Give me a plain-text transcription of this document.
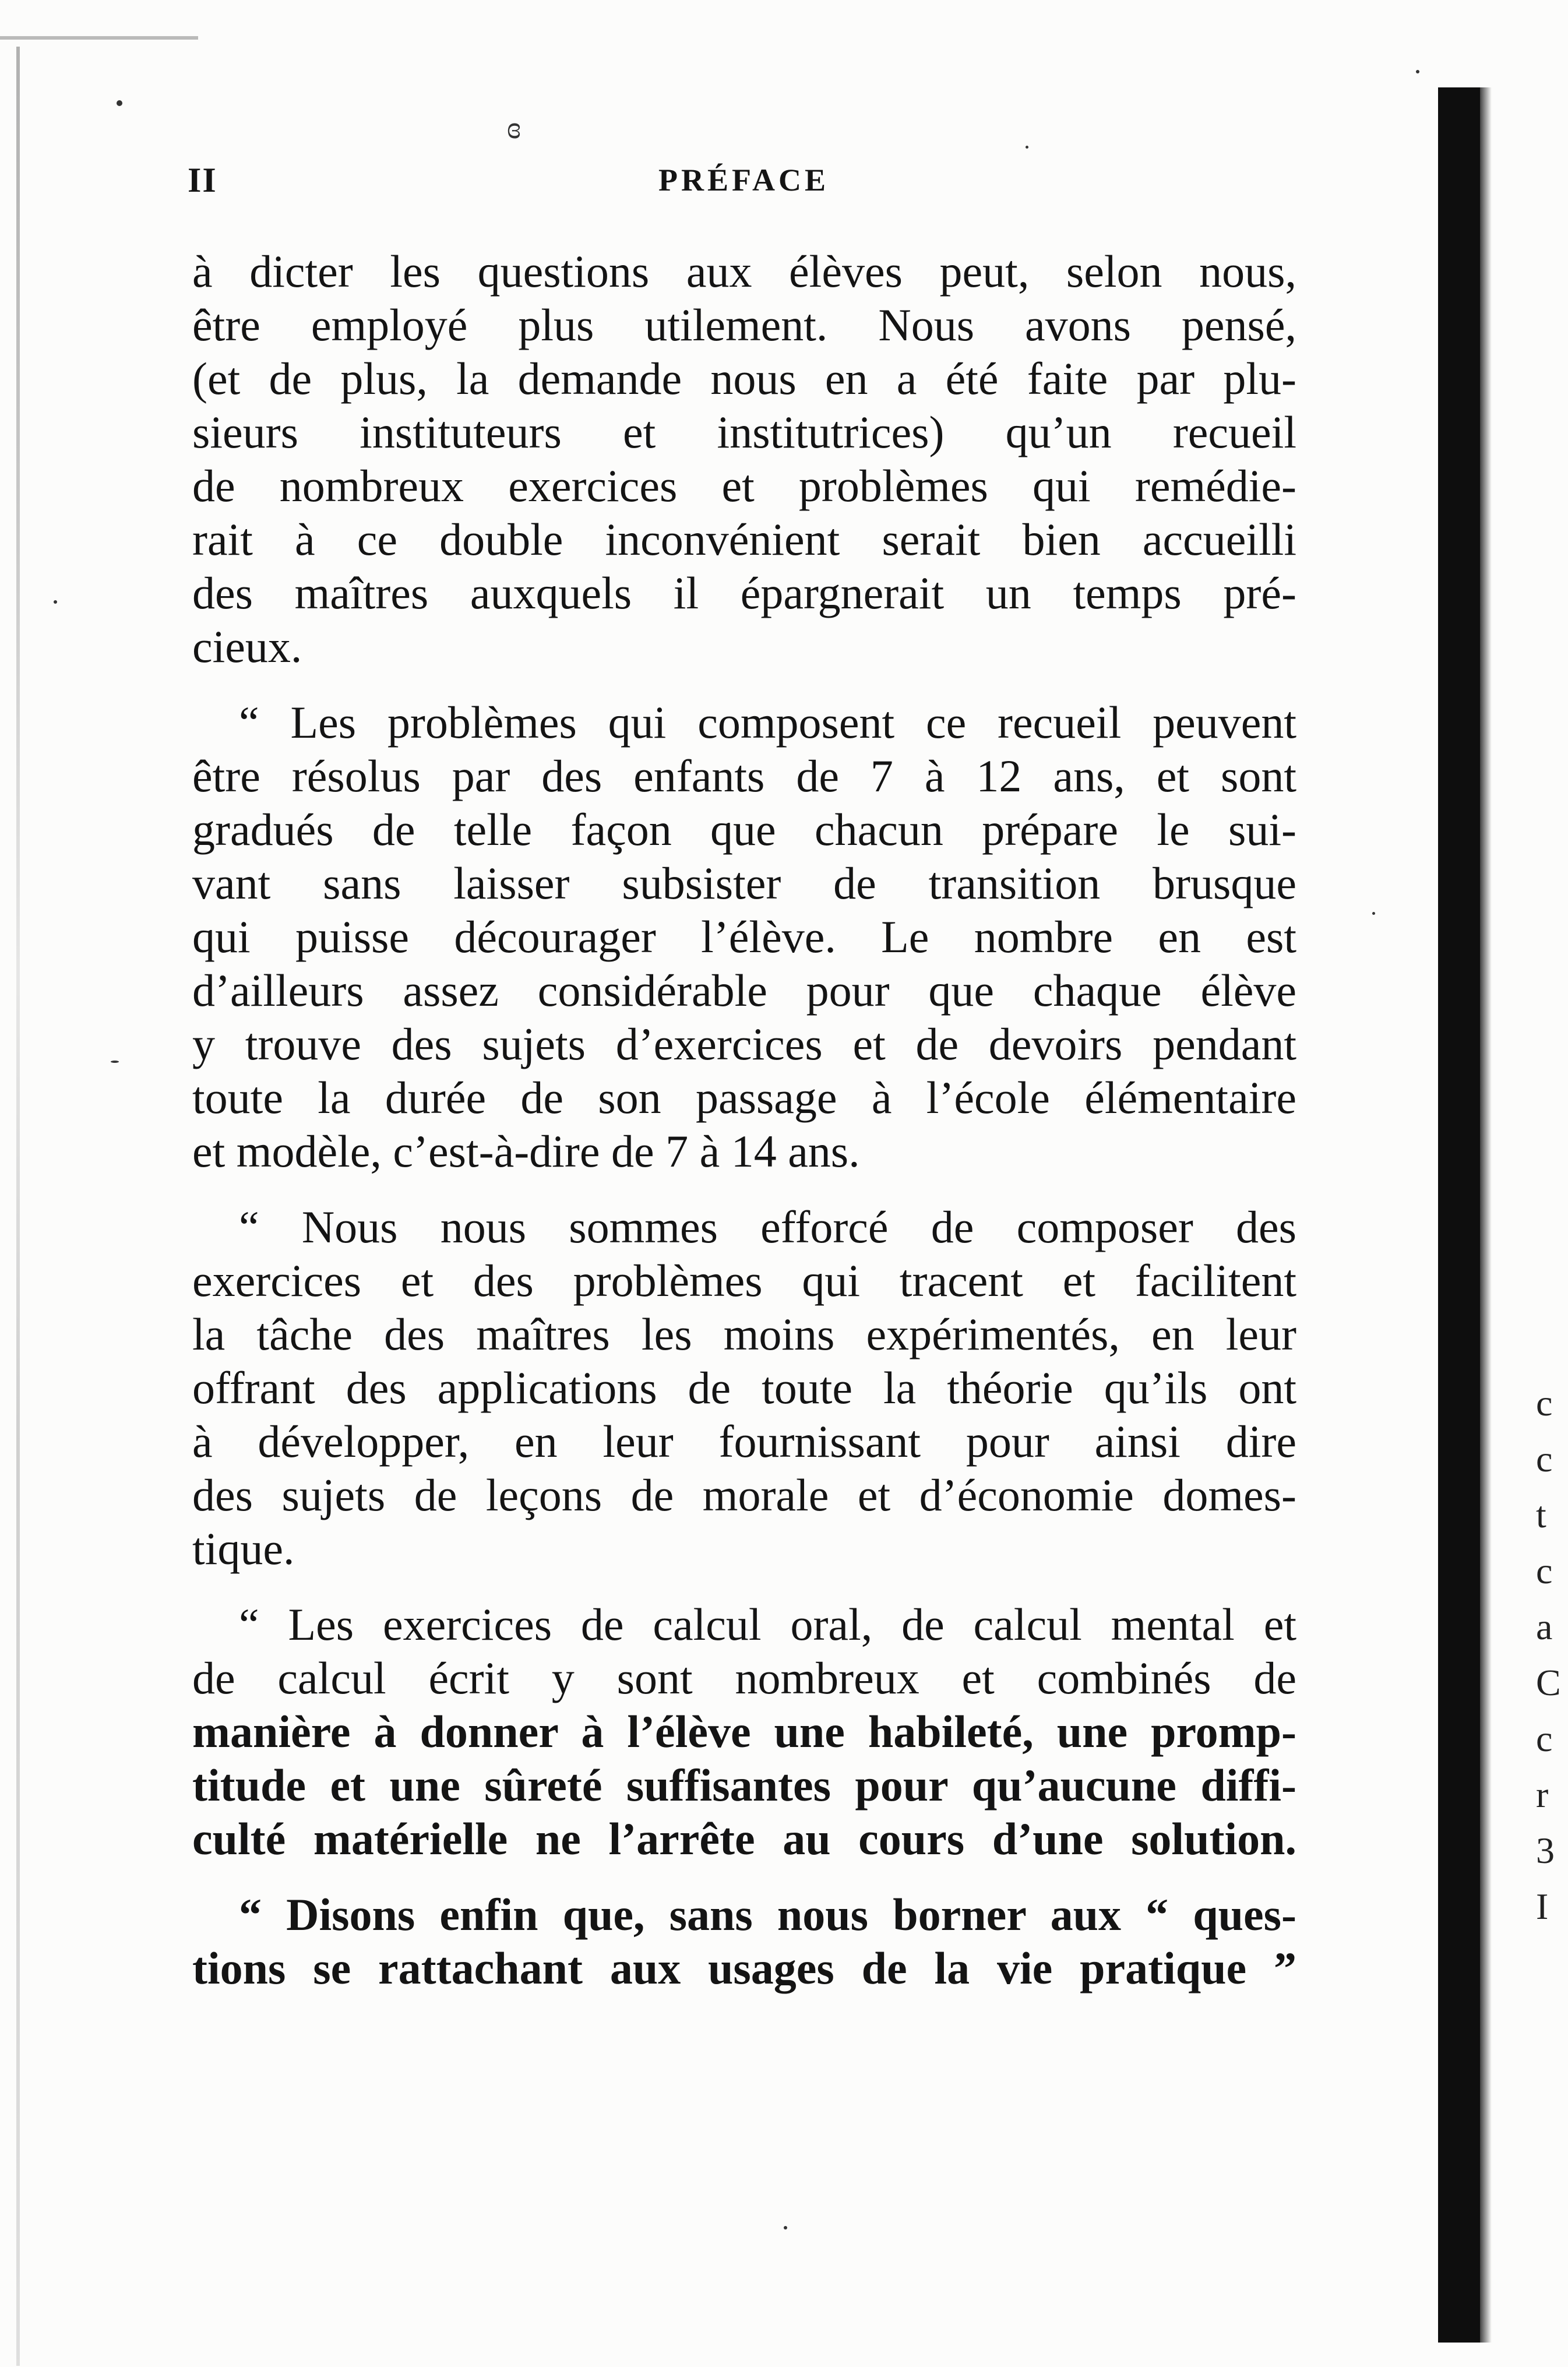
ɞ
II	PRÉFACE
à dicter les questions aux élèves peut, selon nous,
être employé plus utilement. Nous avons pensé,
(et de plus, la demande nous en a été faite par plu-
sieurs instituteurs et institutrices) qu’un recueil
de nombreux exercices et problèmes qui remédie-
rait à ce double inconvénient serait bien accueilli
des maîtres auxquels il épargnerait un temps pré-
cieux.
“ Les problèmes qui composent ce recueil peuvent
être résolus par des enfants de 7 à 12 ans, et sont
gradués de telle façon que chacun prépare le sui-
vant sans laisser subsister de transition brusque
qui puisse décourager l’élève. Le nombre en est
d’ailleurs assez considérable pour que chaque élève
y trouve des sujets d’exercices et de devoirs pendant
toute la durée de son passage à l’école élémentaire
et modèle, c’est-à-dire de 7 à 14 ans.
“ Nous nous sommes efforcé de composer des
exercices et des problèmes qui tracent et facilitent
la tâche des maîtres les moins expérimentés, en leur
offrant des applications de toute la théorie qu’ils ont
à développer, en leur fournissant pour ainsi dire
des sujets de leçons de morale et d’économie domes-
tique.
“ Les exercices de calcul oral, de calcul mental et
de calcul écrit y sont nombreux et combinés de
manière à donner à l’élève une habileté, une promp-
titude et une sûreté suffisantes pour qu’aucune diffi-
culté matérielle ne l’arrête au cours d’une solution.
“ Disons enfin que, sans nous borner aux “ ques-
tions se rattachant aux usages de la vie pratique ”
c
c
t
c
a
C
c
r
3
I
